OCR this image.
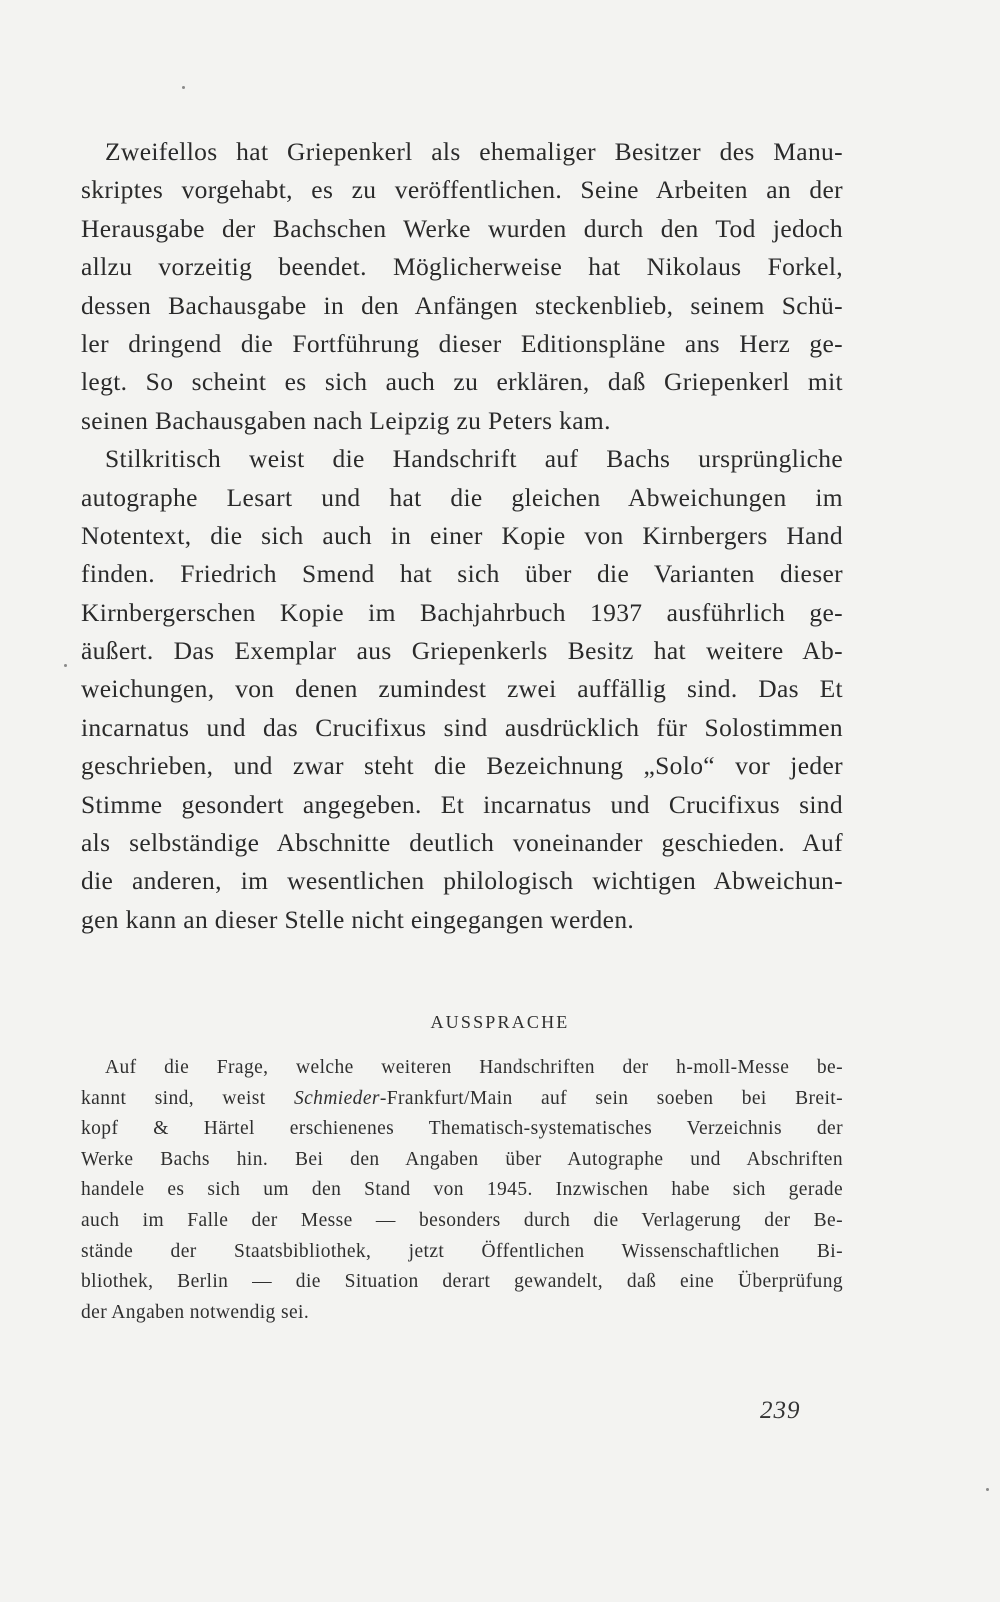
Zweifellos hat Griepenkerl als ehemaliger Besitzer des Manu-
skriptes vorgehabt, es zu veröffentlichen. Seine Arbeiten an der
Herausgabe der Bachschen Werke wurden durch den Tod jedoch
allzu vorzeitig beendet. Möglicherweise hat Nikolaus Forkel,
dessen Bachausgabe in den Anfängen steckenblieb, seinem Schü-
ler dringend die Fortführung dieser Editionspläne ans Herz ge-
legt. So scheint es sich auch zu erklären, daß Griepenkerl mit
seinen Bachausgaben nach Leipzig zu Peters kam.
Stilkritisch weist die Handschrift auf Bachs ursprüngliche
autographe Lesart und hat die gleichen Abweichungen im
Notentext, die sich auch in einer Kopie von Kirnbergers Hand
finden. Friedrich Smend hat sich über die Varianten dieser
Kirnbergerschen Kopie im Bachjahrbuch 1937 ausführlich ge-
äußert. Das Exemplar aus Griepenkerls Besitz hat weitere Ab-
weichungen, von denen zumindest zwei auffällig sind. Das Et
incarnatus und das Crucifixus sind ausdrücklich für Solostimmen
geschrieben, und zwar steht die Bezeichnung „Solo“ vor jeder
Stimme gesondert angegeben. Et incarnatus und Crucifixus sind
als selbständige Abschnitte deutlich voneinander geschieden. Auf
die anderen, im wesentlichen philologisch wichtigen Abweichun-
gen kann an dieser Stelle nicht eingegangen werden.
AUSSPRACHE
Auf die Frage, welche weiteren Handschriften der h-moll-Messe be-
kannt sind, weist Schmieder-Frankfurt/Main auf sein soeben bei Breit-
kopf & Härtel erschienenes Thematisch-systematisches Verzeichnis der
Werke Bachs hin. Bei den Angaben über Autographe und Abschriften
handele es sich um den Stand von 1945. Inzwischen habe sich gerade
auch im Falle der Messe — besonders durch die Verlagerung der Be-
stände der Staatsbibliothek, jetzt Öffentlichen Wissenschaftlichen Bi-
bliothek, Berlin — die Situation derart gewandelt, daß eine Überprüfung
der Angaben notwendig sei.
239
